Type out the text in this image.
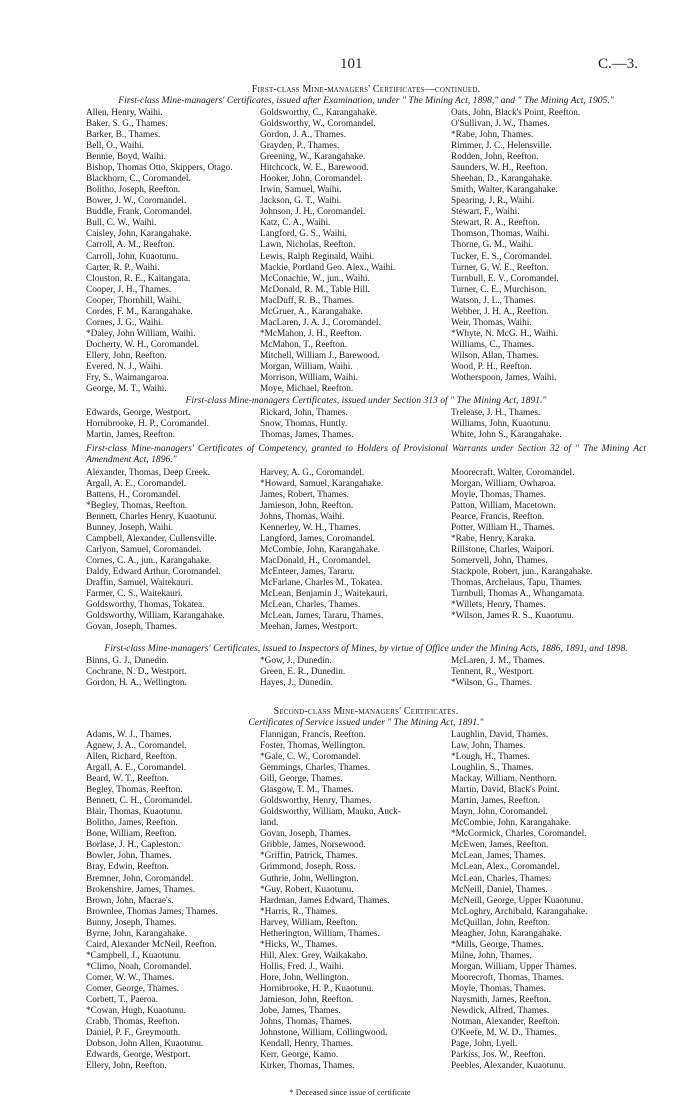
101	C.—3.
First-class Mine-managers' Certificates—continued.
First-class Mine-managers' Certificates, issued after Examination, under " The Mining Act, 1898," and " The Mining Act, 1905."
Allen, Henry, Waihi.
Baker, S. G., Thames.
Barker, B., Thames.
Bell, O., Waihi.
Bennie, Boyd, Waihi.
Bishop, Thomas Otto, Skippers, Otago.
Blackhorn, C., Coromandel.
Bolitho, Joseph, Reefton.
Bower, J. W., Coromandel.
Buddle, Frank, Coromandel.
Bull, C. W., Waihi.
Caisley, John, Karangahake.
Carroll, A. M., Reefton.
Carroll, John, Kuaotunu.
Carter, R. P., Waihi.
Clouston, R. E., Kaitangata.
Cooper, J. H., Thames.
Cooper, Thornhill, Waihi.
Cordes, F. M., Karangahake.
Cornes, J. G., Waihi.
*Daley, John William, Waihi.
Docherty, W. H., Coromandel.
Ellery, John, Reefton.
Evered, N. J., Waihi.
Fry, S., Waimangaroa.
George, M. T., Waihi.
Goldsworthy, C., Karangahake.
Goldsworthy, W., Coromandel.
Gordon, J. A., Thames.
Grayden, P., Thames.
Greening, W., Karangahake.
Hitchcock, W. E., Barewood.
Hooker, John, Coromandel.
Irwin, Samuel, Waihi.
Jackson, G. T., Waihi.
Johnson, J. H., Coromandel.
Katz, C. A., Waihi.
Langford, G. S., Waihi.
Lawn, Nicholas, Reefton.
Lewis, Ralph Reginald, Waihi.
Mackie, Portland Geo. Alex., Waihi.
McConachie, W., jun., Waihi.
McDonald, R. M., Table Hill.
MacDuff, R. B., Thames.
McGruer, A., Karangahake.
MacLaren, J. A. J., Coromandel.
*McMahon, J. H., Reefton.
McMahon, T., Reefton.
Mitchell, William J., Barewood.
Morgan, William, Waihi.
Morrison, William, Waihi.
Moye, Michael, Reefton.
Oats, John, Black's Point, Reefton.
O'Sullivan, J. W., Thames.
*Rabe, John, Thames.
Rimmer, J. C., Helensville.
Rodden, John, Reefton.
Saunders, W. H., Reefton.
Sheehan, D., Karangahake.
Smith, Walter, Karangahake.
Spearing, J. R., Waihi.
Stewart, F., Waihi.
Stewart, R. A., Reefton.
Thomson, Thomas, Waihi.
Thorne, G. M., Waihi.
Tucker, E. S., Coromandel.
Turner, G. W. E., Reefton.
Turnbull, E. V., Coromandel.
Turner, C. E., Murchison.
Watson, J. L., Thames.
Webber, J. H. A., Reefton.
Weir, Thomas, Waihi.
*Whyte, N. McG. H., Waihi.
Williams, C., Thames.
Wilson, Allan, Thames.
Wood, P. H., Reefton.
Wotherspoon, James, Waihi.
First-class Mine-managers Certificates, issued under Section 313 of " The Mining Act, 1891."
Edwards, George, Westport.
Hornibrooke, H. P., Coromandel.
Martin, James, Reefton.
Rickard, John, Thames.
Snow, Thomas, Huntly.
Thomas, James, Thames.
Trelease, J. H., Thames.
Williams, John, Kuaotunu.
White, John S., Karangahake.
First-class Mine-managers' Certificates of Competency, granted to Holders of Provisional Warrants under Section 32 of " The Mining Act Amendment Act, 1896."
Alexander, Thomas, Deep Creek.
Argall, A. E., Coromandel.
Battens, H., Coromandel.
*Begley, Thomas, Reefton.
Bennett, Charles Henry, Kuaotunu.
Bunney, Joseph, Waihi.
Campbell, Alexander, Cullensville.
Carlyon, Samuel, Coromandel.
Cornes, C. A., jun., Karangahake.
Daldy, Edward Arthur, Coromandel.
Draffin, Samuel, Waitekauri.
Farmer, C. S., Waitekauri.
Goldsworthy, Thomas, Tokatea.
Goldsworthy, William, Karangahake.
Govan, Joseph, Thames.
Harvey, A. G., Coromandel.
*Howard, Samuel, Karangahake.
James, Robert, Thames.
Jamieson, John, Reefton.
Johns, Thomas, Waihi.
Kennerley, W. H., Thames.
Langford, James, Coromandel.
McCombie, John, Karangahake.
MacDonald, H., Coromandel.
McEnteer, James, Tararu.
McFarlane, Charles M., Tokatea.
McLean, Benjamin J., Waitekauri.
McLean, Charles, Thames.
McLean, James, Tararu, Thames.
Meehan, James, Westport.
Moorecraft, Walter, Coromandel.
Morgan, William, Owharoa.
Moyle, Thomas, Thames.
Patton, William, Macetown.
Pearce, Francis, Reefton.
Potter, William H., Thames.
*Rabe, Henry, Karaka.
Rillstone, Charles, Waipori.
Somervell, John, Thames.
Stackpole, Robert, jun., Karangahake.
Thomas, Archelaus, Tapu, Thames.
Turnbull, Thomas A., Whangamata.
*Willets, Henry, Thames.
*Wilson, James R. S., Kuaotunu.
First-class Mine-managers' Certificates, issued to Inspectors of Mines, by virtue of Office under the Mining Acts, 1886, 1891, and 1898.
Binns, G. J., Dunedin.
Cochrane, N. D., Westport.
Gordon, H. A., Wellington.
*Gow, J., Dunedin.
Green, E. R., Dunedin.
Hayes, J., Dunedin.
McLaren, J. M., Thames.
Tennent, R., Westport.
*Wilson, G., Thames.
Second-class Mine-managers' Certificates.
Certificates of Service issued under " The Mining Act, 1891."
Adams, W. J., Thames.
Agnew, J. A., Coromandel.
Allen, Richard, Reefton.
Argall, A. E., Coromandel.
Beard, W. T., Reefton.
Begley, Thomas, Reefton.
Bennett, C. H., Coromandel.
Blair, Thomas, Kuaotunu.
Bolitho, James, Reefton.
Bone, William, Reefton.
Borlase, J. H., Capleston.
Bowler, John, Thames.
Bray, Edwin, Reefton.
Bremner, John, Coromandel.
Brokenshire, James, Thames.
Brown, John, Macrae's.
Brownlee, Thomas James, Thames.
Bunny, Joseph, Thames.
Byrne, John, Karangahake.
Caird, Alexander McNeil, Reefton.
*Campbell, J., Kuaotunu.
*Climo, Noah, Coromandel.
Comer, W. W., Thames.
Comer, George, Thames.
Corbett, T., Paeroa.
*Cowan, Hugh, Kuaotunu.
Crabb, Thomas, Reefton.
Daniel, P. F., Greymouth.
Dobson, John Allen, Kuaotunu.
Edwards, George, Westport.
Ellery, John, Reefton.
Flannigan, Francis, Reefton.
Foster, Thomas, Wellington.
*Gale, C. W., Coromandel.
Gemmings, Charles, Thames.
Gill, George, Thames.
Glasgow, T. M., Thames.
Goldsworthy, Henry, Thames.
Goldsworthy, William, Mauku, Auck-
land.
Govan, Joseph, Thames.
Gribble, James, Norsewood.
*Griffin, Patrick, Thames.
Grimmond, Joseph, Ross.
Guthrie, John, Wellington.
*Guy, Robert, Kuaotunu.
Hardman, James Edward, Thames.
*Harris, R., Thames.
Harvey, William, Reefton.
Hetherington, William, Thames.
*Hicks, W., Thames.
Hill, Alex. Grey, Waikakaho.
Hollis, Fred. J., Waihi.
Hore, John, Wellington.
Hornibrooke, H. P., Kuaotunu.
Jamieson, John, Reefton.
Jobe, James, Thames.
Johns, Thomas, Thames.
Johnstone, William, Collingwood.
Kendall, Henry, Thames.
Kerr, George, Kamo.
Kirker, Thomas, Thames.
Laughlin, David, Thames.
Law, John, Thames.
*Lough, H., Thames.
Loughlin, S., Thames.
Mackay, William, Nenthorn.
Martin, David, Black's Point.
Martin, James, Reefton.
Mayn, John, Coromandel.
McCombie, John, Karangahake.
*McCormick, Charles, Coromandel.
McEwen, James, Reefton.
McLean, James, Thames.
McLean, Alex., Coromandel.
McLean, Charles, Thames.
McNeill, Daniel, Thames.
McNeill, George, Upper Kuaotunu.
McLoghry, Archibald, Karangahake.
McQuillan, John, Reefton.
Meagher, John, Karangahake.
*Mills, George, Thames.
Milne, John, Thames.
Morgan, William, Upper Thames.
Moorecroft, Thomas, Thames.
Moyle, Thomas, Thames.
Naysmith, James, Reefton.
Newdick, Alfred, Thames.
Notman, Alexander, Reefton.
O'Keefe, M. W. D., Thames.
Page, John, Lyell.
Parkiss, Jos. W., Reefton.
Peebles, Alexander, Kuaotunu.
* Deceased since issue of certificate
